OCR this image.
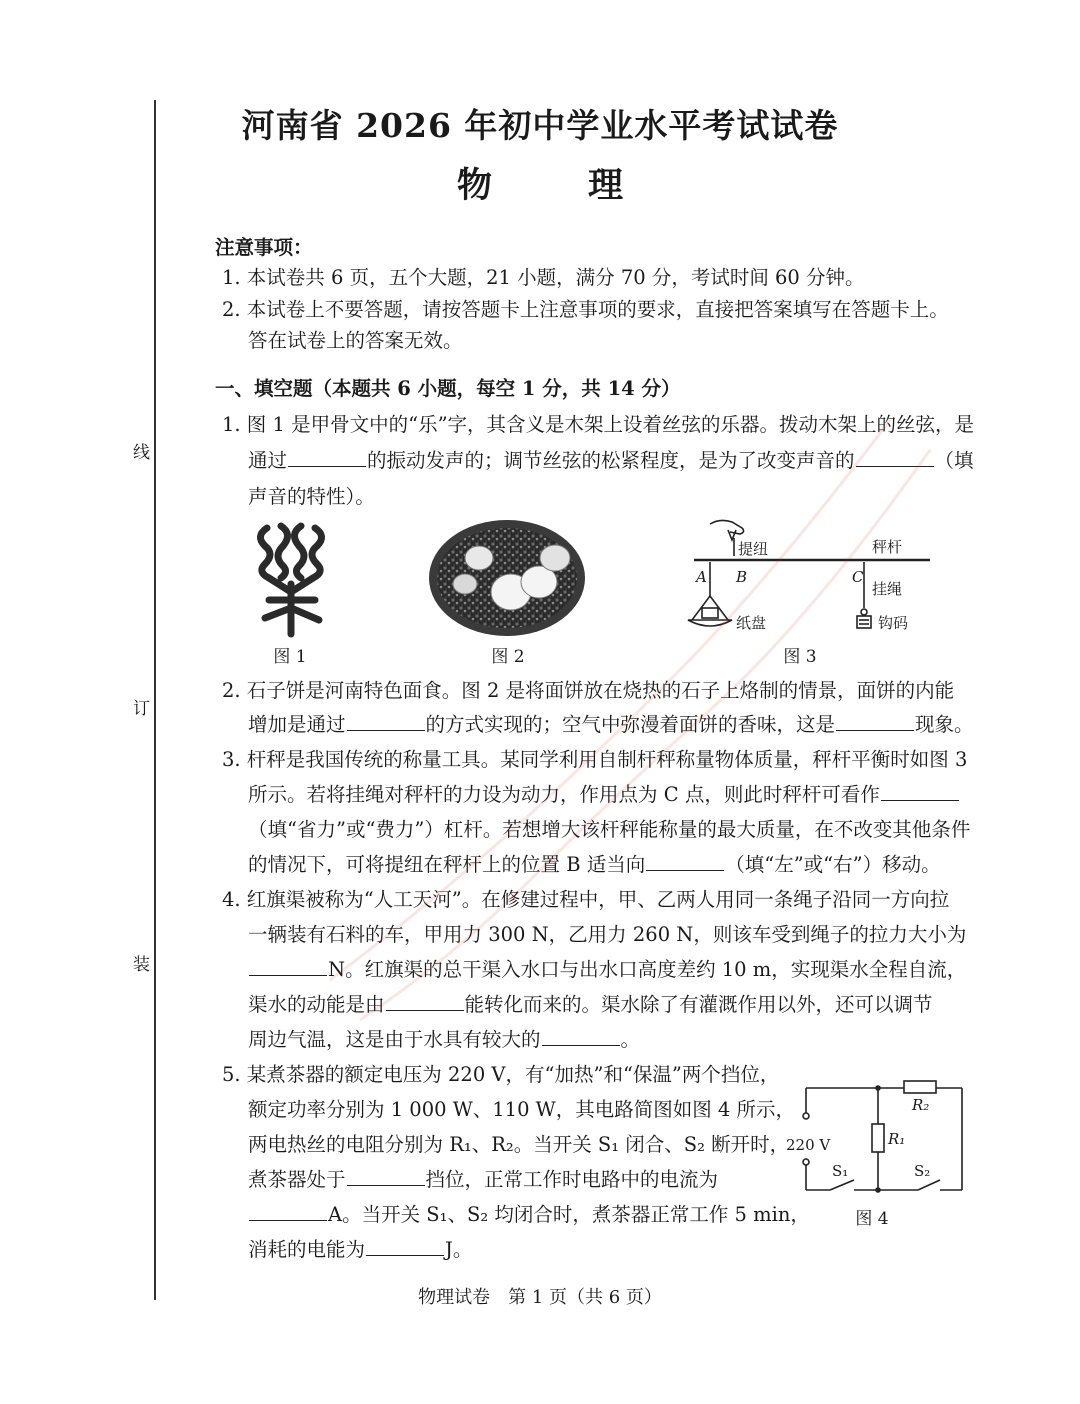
线
订
装
河南省 2026 年初中学业水平考试试卷
物	理
注意事项：
1. 本试卷共 6 页，五个大题，21 小题，满分 70 分，考试时间 60 分钟。
2. 本试卷上不要答题，请按答题卡上注意事项的要求，直接把答案填写在答题卡上。
答在试卷上的答案无效。
一、填空题（本题共 6 小题，每空 1 分，共 14 分）
1. 图 1 是甲骨文中的“乐”字，其含义是木架上设着丝弦的乐器。拨动木架上的丝弦，是
通过	的振动发声的；调节丝弦的松紧程度，是为了改变声音的	（填
声音的特性）。
图 1	图 2
提纽	秤杆
A B	C
挂绳
纸盘	钩码
图 3
2. 石子饼是河南特色面食。图 2 是将面饼放在烧热的石子上烙制的情景，面饼的内能
增加是通过	的方式实现的；空气中弥漫着面饼的香味，这是	现象。
3. 杆秤是我国传统的称量工具。某同学利用自制杆秤称量物体质量，秤杆平衡时如图 3
所示。若将挂绳对秤杆的力设为动力，作用点为 C 点，则此时秤杆可看作
（填“省力”或“费力”）杠杆。若想增大该杆秤能称量的最大质量，在不改变其他条件
的情况下，可将提纽在秤杆上的位置 B 适当向	（填“左”或“右”）移动。
4. 红旗渠被称为“人工天河”。在修建过程中，甲、乙两人用同一条绳子沿同一方向拉
一辆装有石料的车，甲用力 300 N，乙用力 260 N，则该车受到绳子的拉力大小为
N。红旗渠的总干渠入水口与出水口高度差约 10 m，实现渠水全程自流，
渠水的动能是由	能转化而来的。渠水除了有灌溉作用以外，还可以调节
周边气温，这是由于水具有较大的	。
5. 某煮茶器的额定电压为 220 V，有“加热”和“保温”两个挡位，
额定功率分别为 1 000 W、110 W，其电路简图如图 4 所示，
两电热丝的电阻分别为 R₁、R₂。当开关 S₁ 闭合、S₂ 断开时，
煮茶器处于	挡位，正常工作时电路中的电流为
A。当开关 S₁、S₂ 均闭合时，煮茶器正常工作 5 min，
消耗的电能为	J。
220 V	R₁
R₂
S₁	S₂
图 4
物理试卷　第 1 页（共 6 页）
